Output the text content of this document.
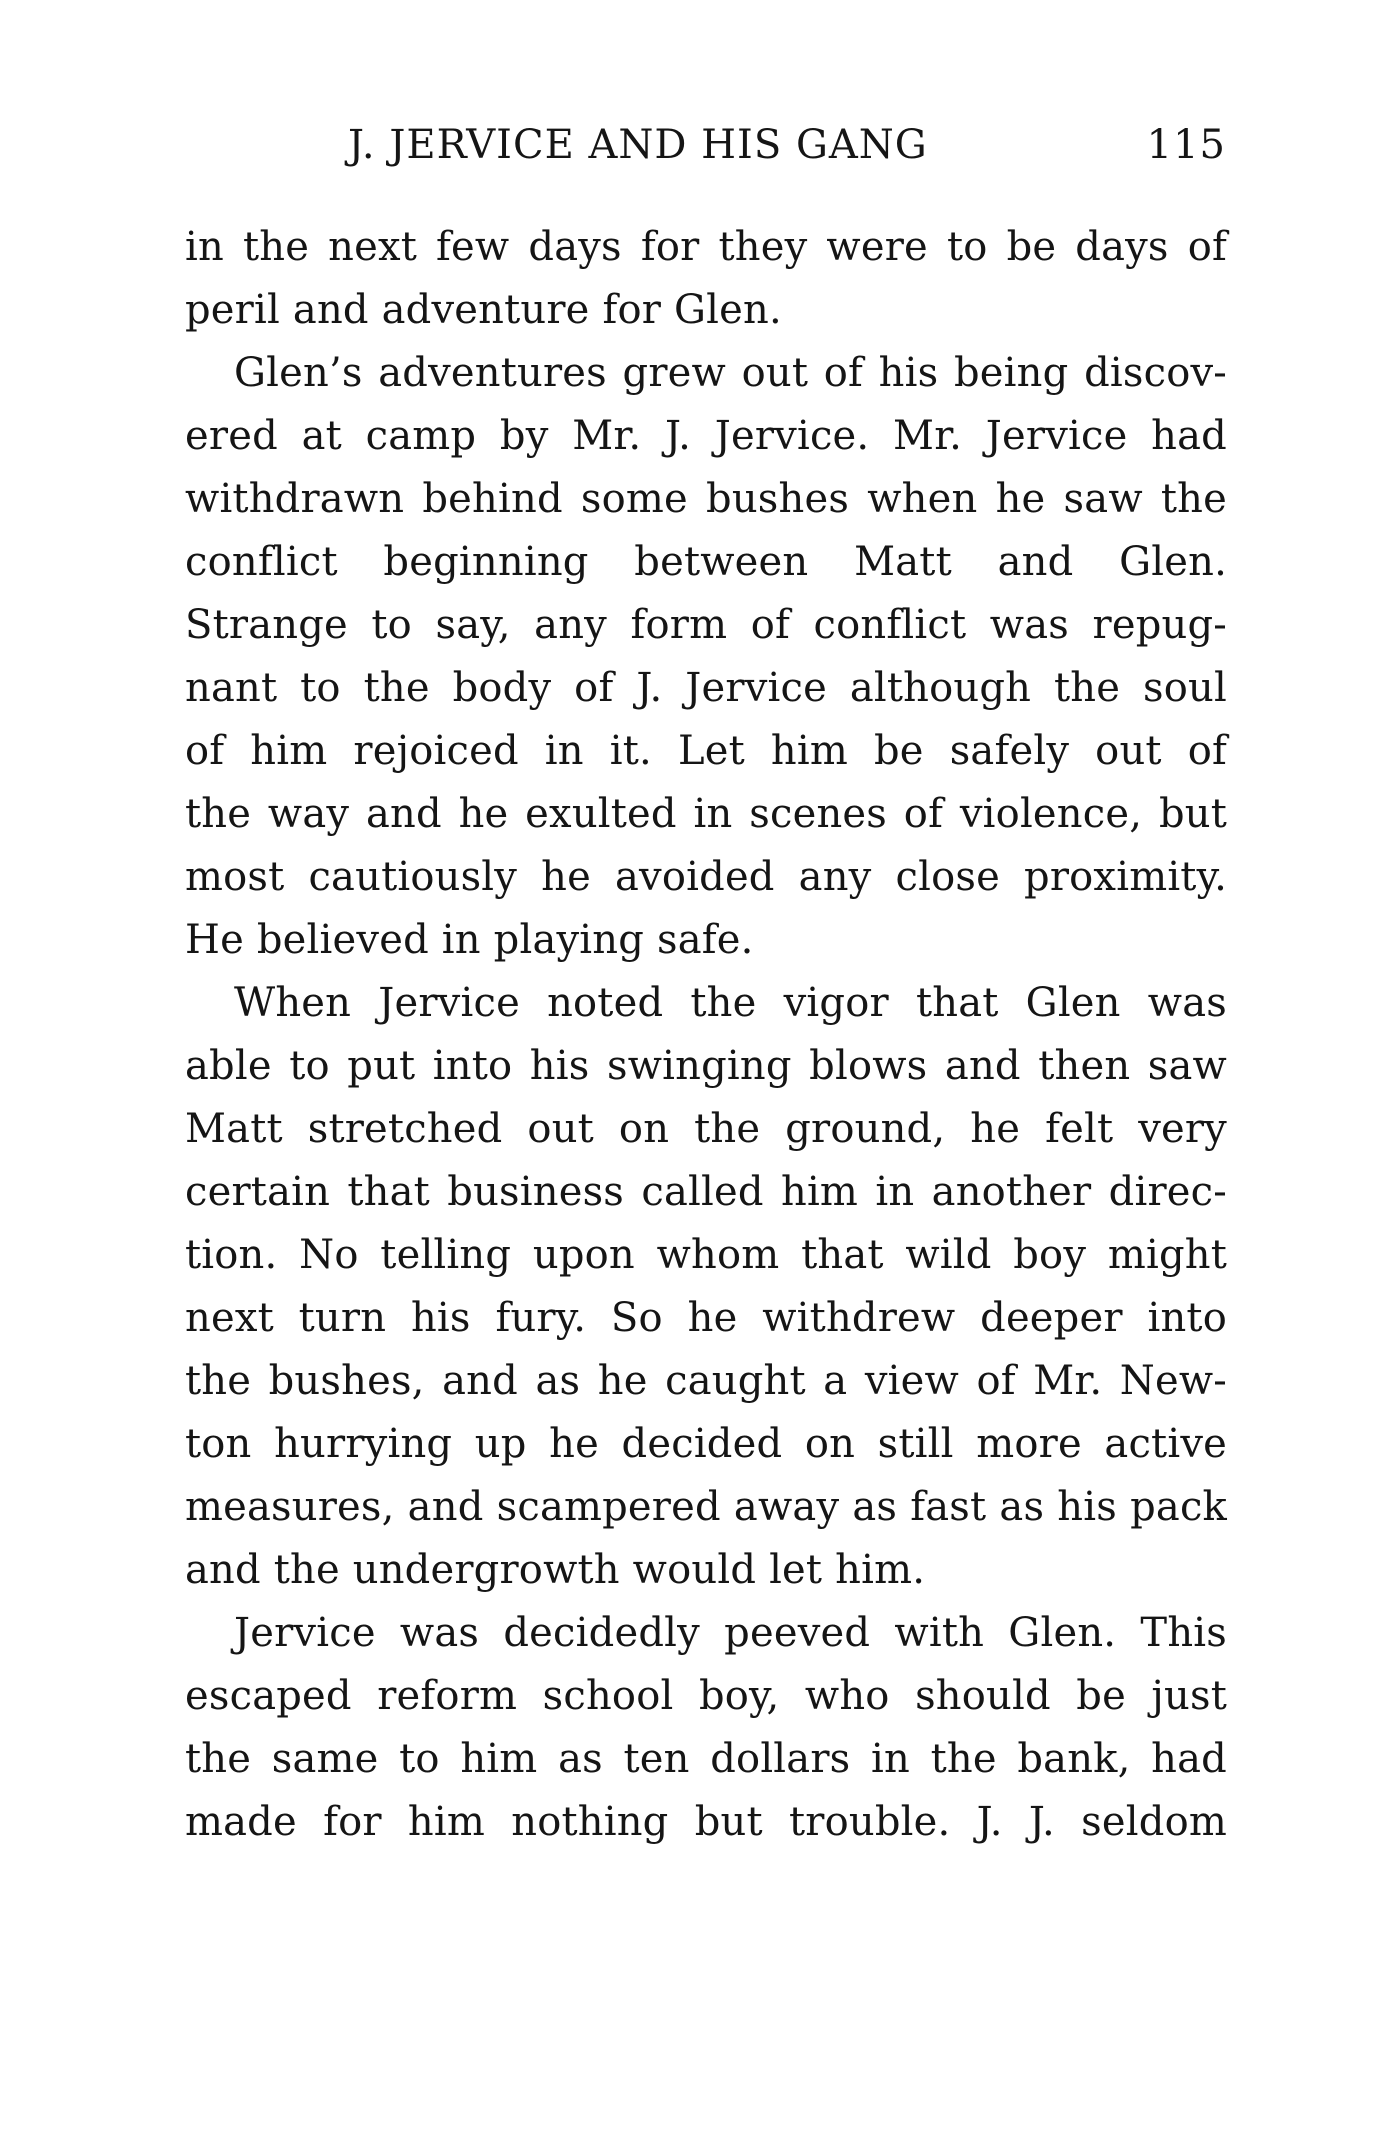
J. JERVICE AND HIS GANG	115
in the next few days for they were to be days of
peril and adventure for Glen.
Glen’s adventures grew out of his being discov-
ered at camp by Mr. J. Jervice. Mr. Jervice had
withdrawn behind some bushes when he saw the
conflict beginning between Matt and Glen.
Strange to say, any form of conflict was repug-
nant to the body of J. Jervice although the soul
of him rejoiced in it. Let him be safely out of
the way and he exulted in scenes of violence, but
most cautiously he avoided any close proximity.
He believed in playing safe.
When Jervice noted the vigor that Glen was
able to put into his swinging blows and then saw
Matt stretched out on the ground, he felt very
certain that business called him in another direc-
tion. No telling upon whom that wild boy might
next turn his fury. So he withdrew deeper into
the bushes, and as he caught a view of Mr. New-
ton hurrying up he decided on still more active
measures, and scampered away as fast as his pack
and the undergrowth would let him.
Jervice was decidedly peeved with Glen. This
escaped reform school boy, who should be just
the same to him as ten dollars in the bank, had
made for him nothing but trouble. J. J. seldom
